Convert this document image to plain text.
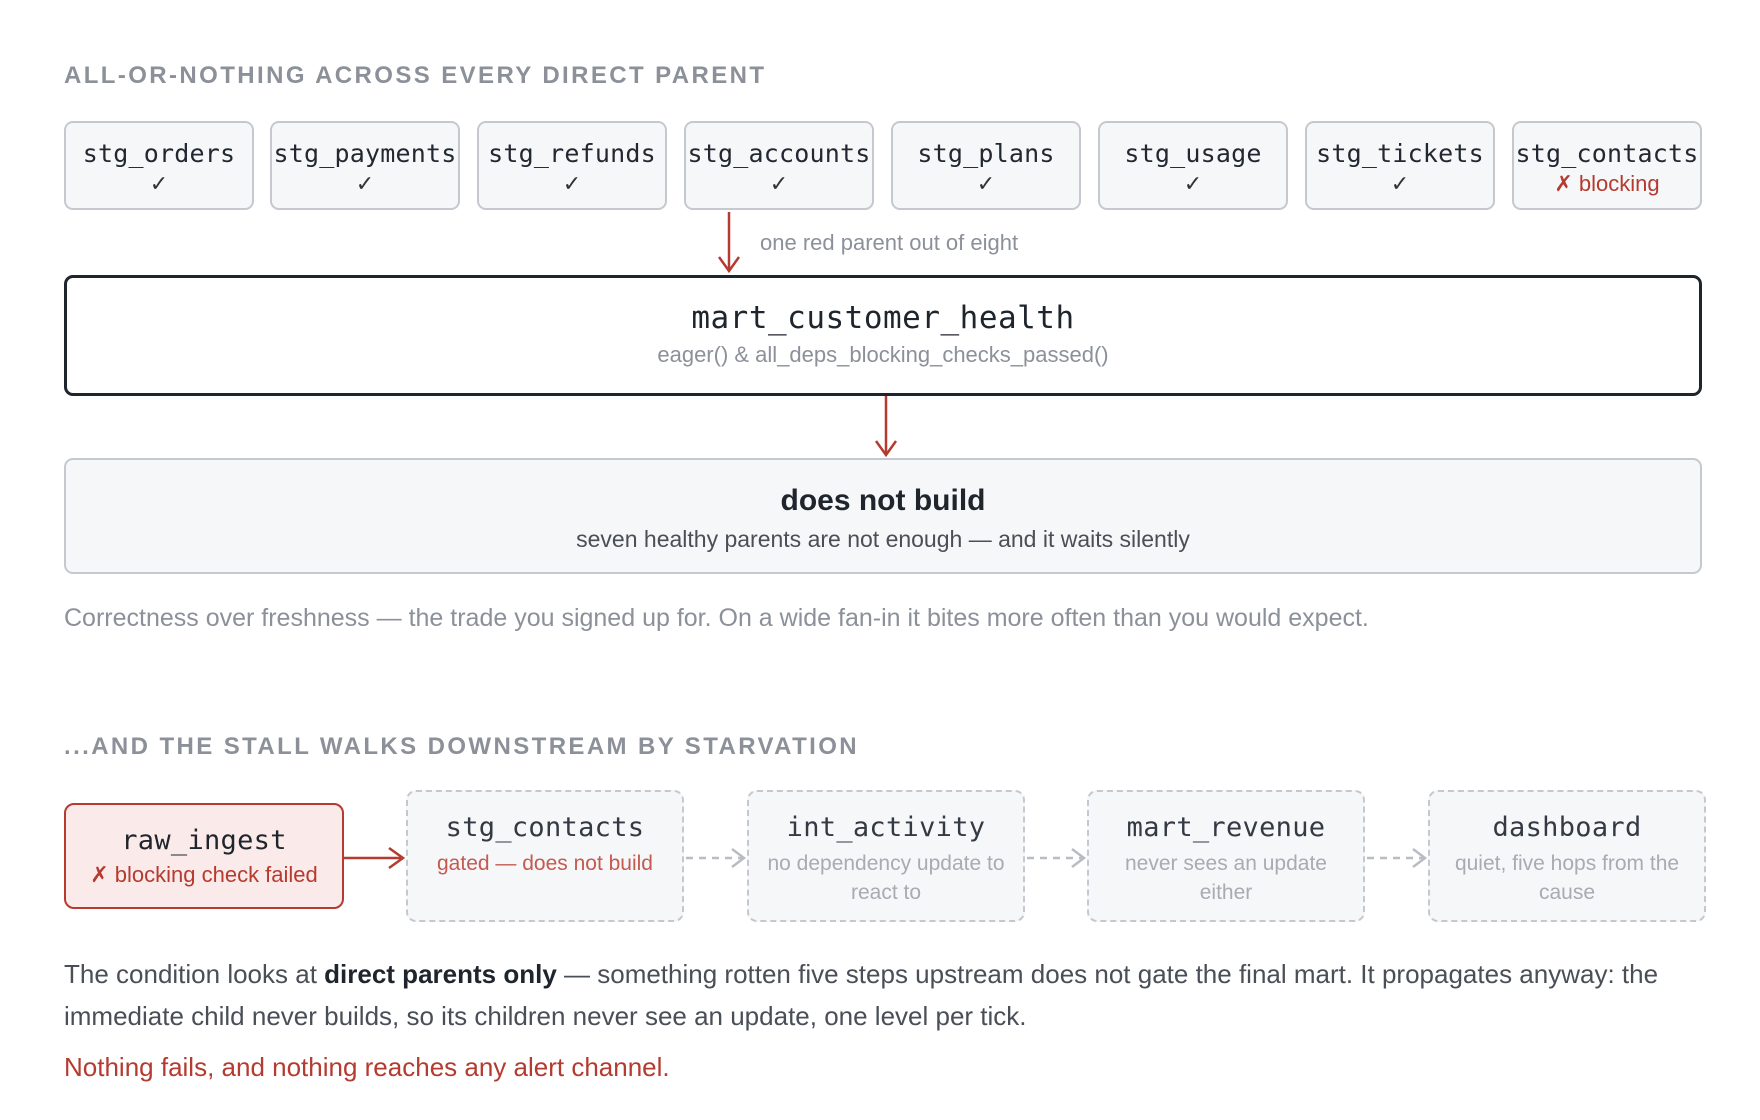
ALL-OR-NOTHING ACROSS EVERY DIRECT PARENT
stg_orders
✓
stg_payments
✓
stg_refunds
✓
stg_accounts
✓
stg_plans
✓
stg_usage
✓
stg_tickets
✓
stg_contacts
✗ blocking
one red parent out of eight
mart_customer_health
eager() & all_deps_blocking_checks_passed()
does not build
seven healthy parents are not enough — and it waits silently
Correctness over freshness — the trade you signed up for. On a wide fan-in it bites more often than you would expect.
...AND THE STALL WALKS DOWNSTREAM BY STARVATION
raw_ingest
✗ blocking check failed
stg_contacts
gated — does not build
int_activity
no dependency update to react to
mart_revenue
never sees an update either
dashboard
quiet, five hops from the cause
The condition looks at direct parents only — something rotten five steps upstream does not gate the final mart. It propagates anyway: the immediate child never builds, so its children never see an update, one level per tick.
Nothing fails, and nothing reaches any alert channel.
